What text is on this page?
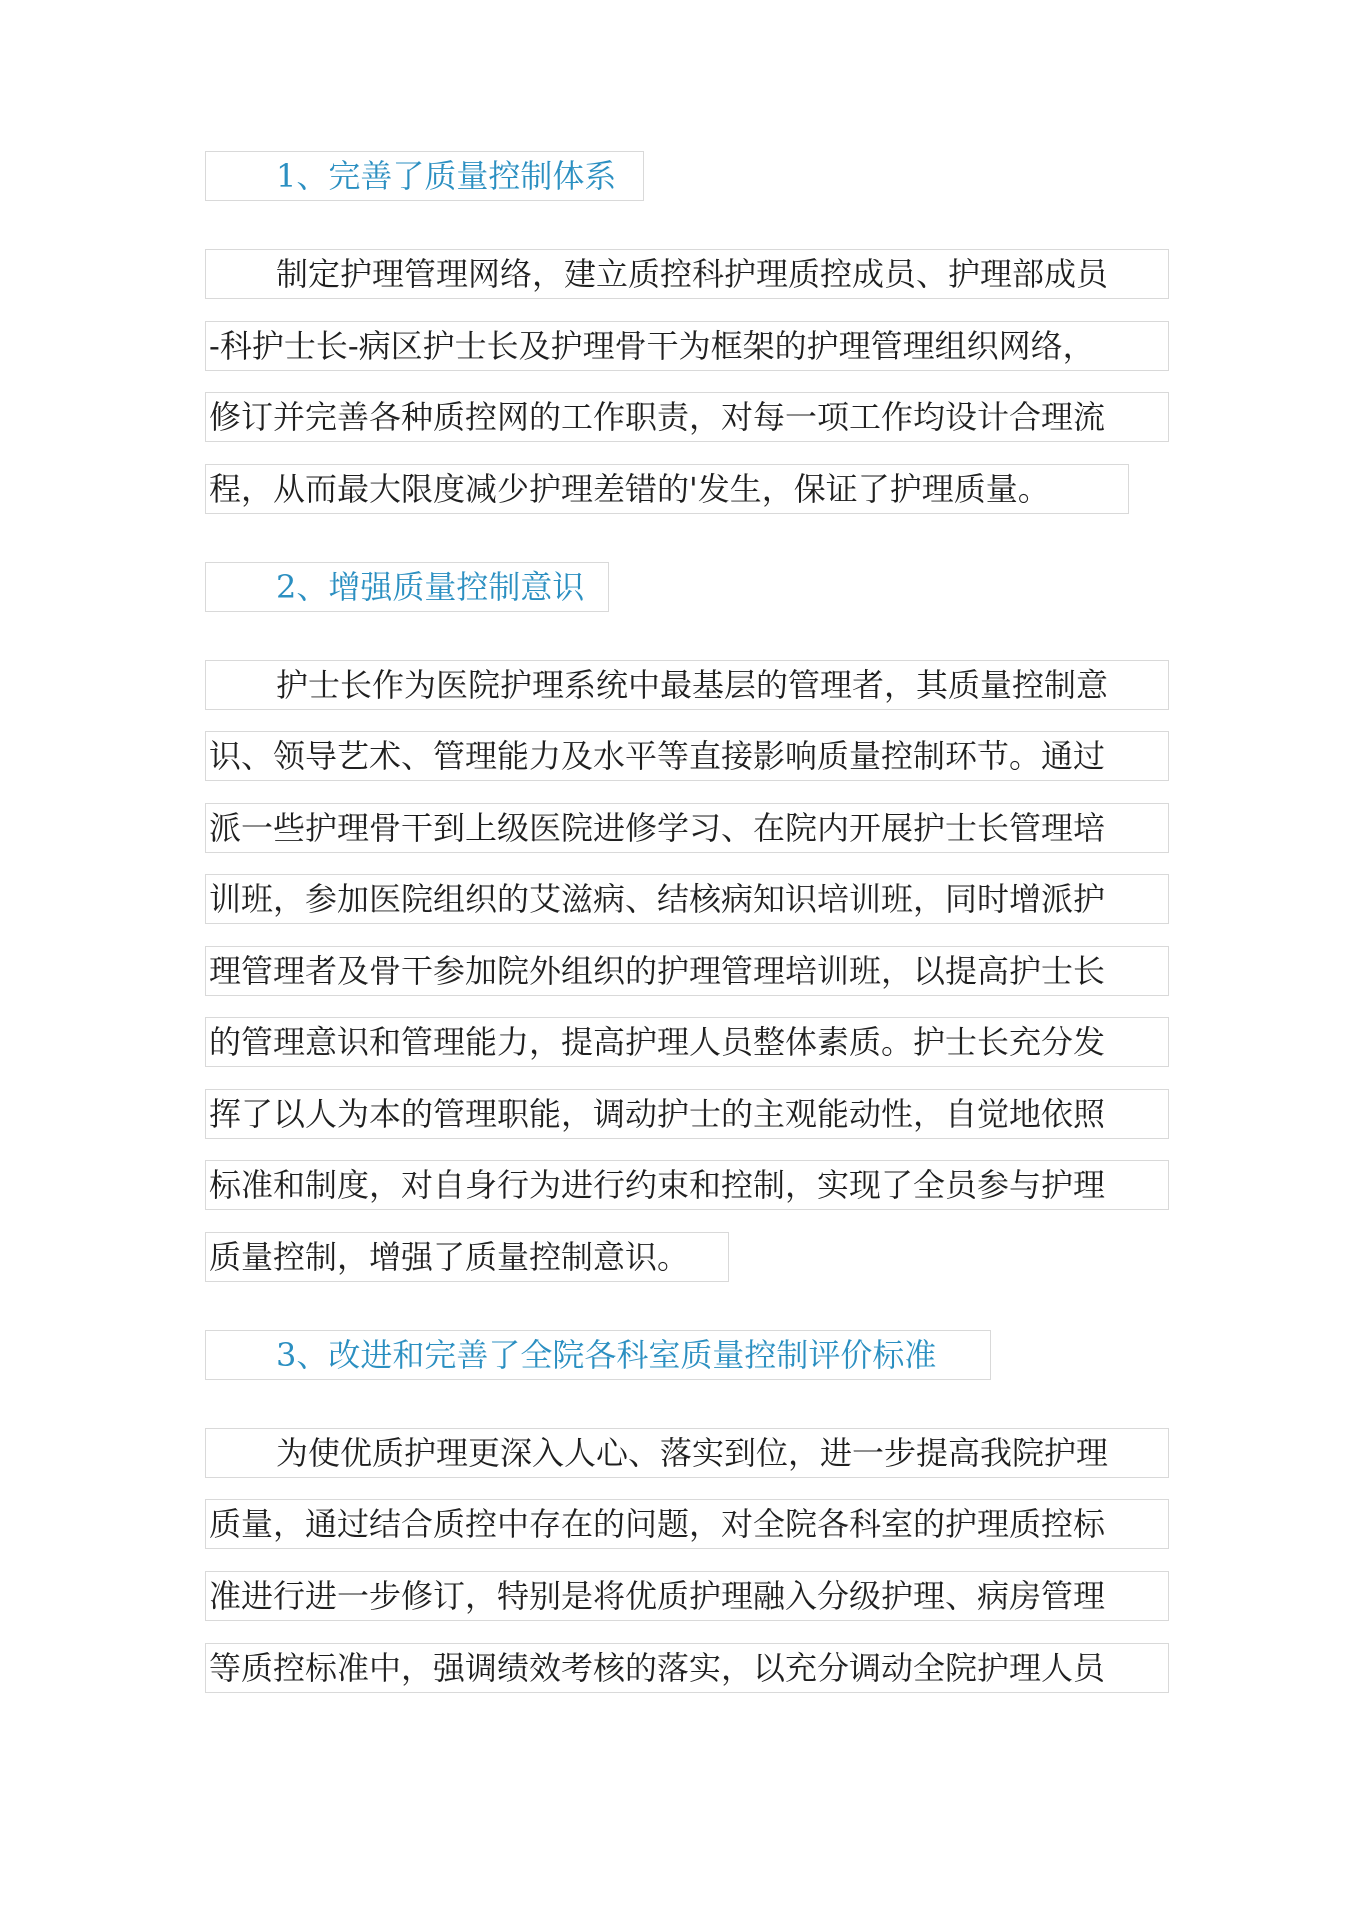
1、完善了质量控制体系
制定护理管理网络，建立质控科护理质控成员、护理部成员
-科护士长-病区护士长及护理骨干为框架的护理管理组织网络，
修订并完善各种质控网的工作职责，对每一项工作均设计合理流
程，从而最大限度减少护理差错的'发生，保证了护理质量。
2、增强质量控制意识
护士长作为医院护理系统中最基层的管理者，其质量控制意
识、领导艺术、管理能力及水平等直接影响质量控制环节。通过
派一些护理骨干到上级医院进修学习、在院内开展护士长管理培
训班，参加医院组织的艾滋病、结核病知识培训班，同时增派护
理管理者及骨干参加院外组织的护理管理培训班，以提高护士长
的管理意识和管理能力，提高护理人员整体素质。护士长充分发
挥了以人为本的管理职能，调动护士的主观能动性，自觉地依照
标准和制度，对自身行为进行约束和控制，实现了全员参与护理
质量控制，增强了质量控制意识。
3、改进和完善了全院各科室质量控制评价标准
为使优质护理更深入人心、落实到位，进一步提高我院护理
质量，通过结合质控中存在的问题，对全院各科室的护理质控标
准进行进一步修订，特别是将优质护理融入分级护理、病房管理
等质控标准中，强调绩效考核的落实，以充分调动全院护理人员
